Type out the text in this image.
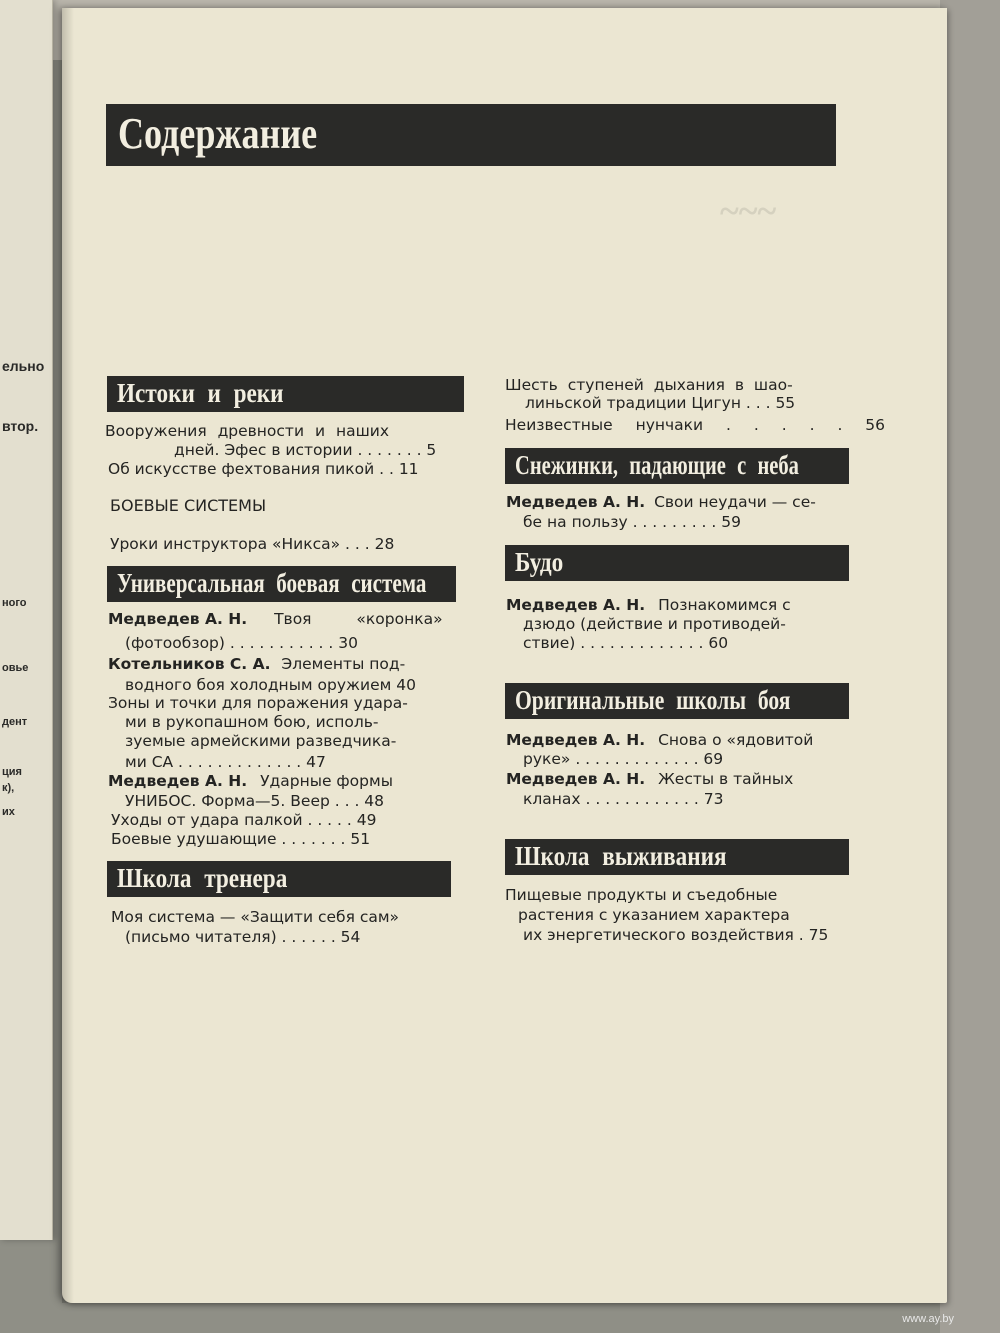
ельно
втор.
ного
овье
дент
ция
к),
их
~~~
Содержание
Истоки и реки
Вооружения древности и наших
дней. Эфес в истории . . . . . . . 5
Об искусстве фехтования пикой . . 11
БОЕВЫЕ СИСТЕМЫ
Уроки инструктора «Никса» . . . 28
Универсальная боевая система
Медведев А. Н. Твоя «коронка»
(фотообзор) . . . . . . . . . . . 30
Котельников С. А. Элементы под-
водного боя холодным оружием 40
Зоны и точки для поражения удара-
ми в рукопашном бою, исполь-
зуемые армейскими разведчика-
ми СА . . . . . . . . . . . . . 47
Медведев А. Н. Ударные формы
УНИБОС. Форма—5. Веер . . . 48
Уходы от удара палкой . . . . . 49
Боевые удушающие . . . . . . . 51
Школа тренера
Моя система — «Защити себя сам»
(письмо читателя) . . . . . . 54
Шесть ступеней дыхания в шао-
линьской традиции Цигун . . . 55
Неизвестные нунчаки . . . . . 56
Снежинки, падающие с неба
Медведев А. Н. Свои неудачи — се-
бе на пользу . . . . . . . . . 59
Будо
Медведев А. Н. Познакомимся с
дзюдо (действие и противодей-
ствие) . . . . . . . . . . . . . 60
Оригинальные школы боя
Медведев А. Н. Снова о «ядовитой
руке» . . . . . . . . . . . . . 69
Медведев А. Н. Жесты в тайных
кланах . . . . . . . . . . . . 73
Школа выживания
Пищевые продукты и съедобные
растения с указанием характера
их энергетического воздействия . 75
www.ay.by
